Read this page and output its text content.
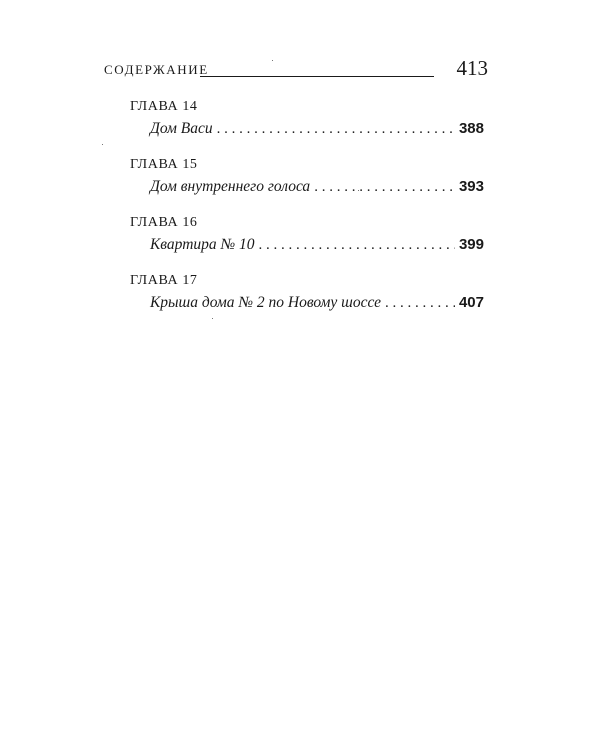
СОДЕРЖАНИЕ	413
ГЛАВА 14
Дом Васи . . .	388
ГЛАВА 15
Дом внутреннего голоса . . .	393
ГЛАВА 16
Квартира № 10 . . .	399
ГЛАВА 17
Крыша дома № 2 по Новому шоссе . . .	407
